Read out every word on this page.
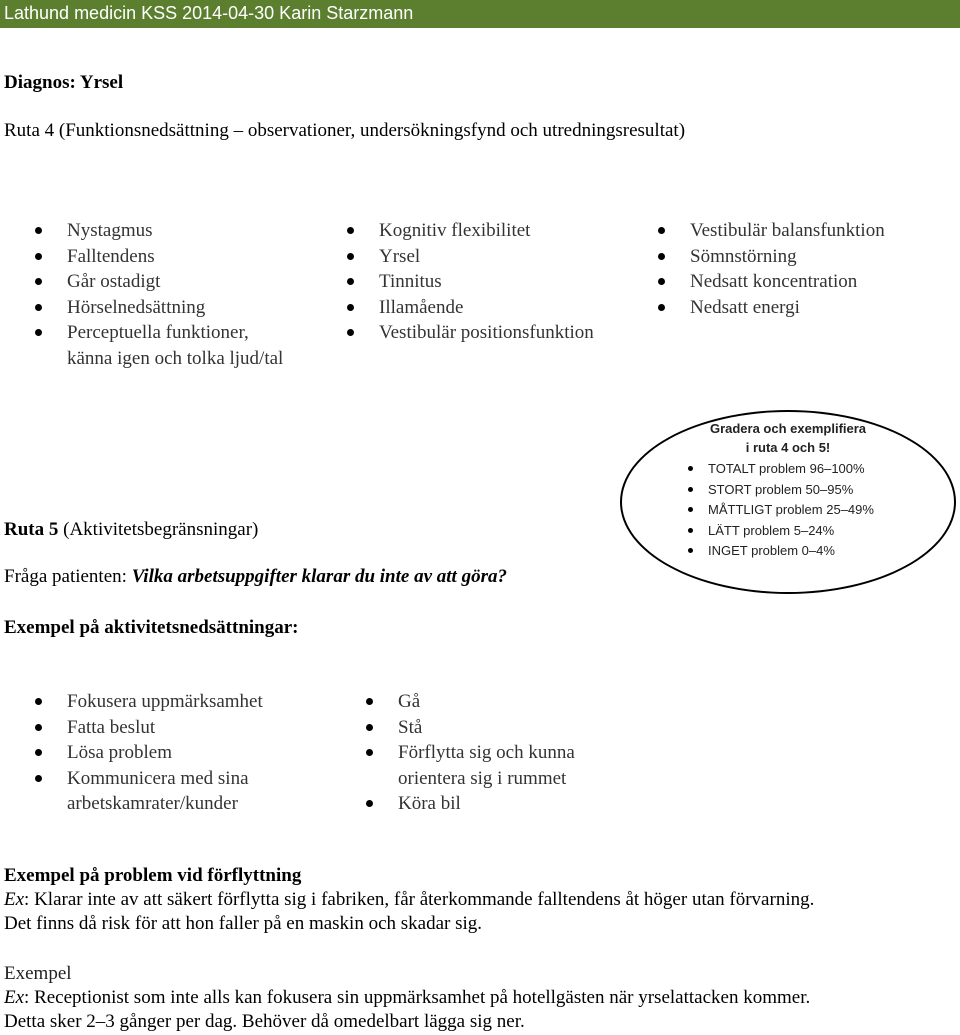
Lathund medicin KSS 2014-04-30 Karin Starzmann
Diagnos: Yrsel
Ruta 4 (Funktionsnedsättning – observationer, undersökningsfynd och utredningsresultat)
Nystagmus
Falltendens
Går ostadigt
Hörselnedsättning
Perceptuella funktioner, känna igen och tolka ljud/tal
Kognitiv flexibilitet
Yrsel
Tinnitus
Illamående
Vestibulär positionsfunktion
Vestibulär balansfunktion
Sömnstörning
Nedsatt koncentration
Nedsatt energi
Gradera och exemplifiera
i ruta 4 och 5!
TOTALT problem 96–100%
STORT problem 50–95%
MÅTTLIGT problem 25–49%
LÄTT problem 5–24%
INGET problem 0–4%
Ruta 5 (Aktivitetsbegränsningar)
Fråga patienten: Vilka arbetsuppgifter klarar du inte av att göra?
Exempel på aktivitetsnedsättningar:
Fokusera uppmärksamhet
Fatta beslut
Lösa problem
Kommunicera med sina arbetskamrater/kunder
Gå
Stå
Förflytta sig och kunna orientera sig i rummet
Köra bil
Exempel på problem vid förflyttning
Ex: Klarar inte av att säkert förflytta sig i fabriken, får återkommande falltendens åt höger utan förvarning.
Det finns då risk för att hon faller på en maskin och skadar sig.
Exempel
Ex: Receptionist som inte alls kan fokusera sin uppmärksamhet på hotellgästen när yrselattacken kommer.
Detta sker 2–3 gånger per dag. Behöver då omedelbart lägga sig ner.
